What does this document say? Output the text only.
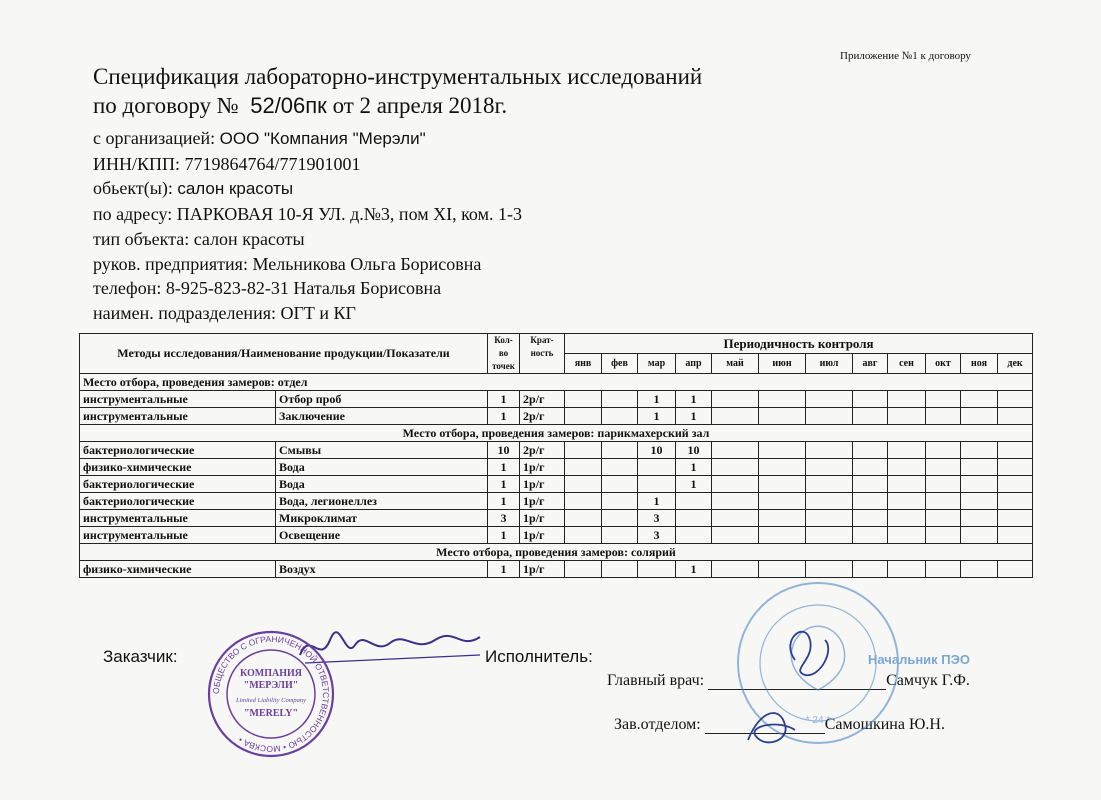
Приложение №1 к договору
Спецификация лабораторно-инструментальных исследований
по договору № 52/06пк от 2 апреля 2018г.
с организацией: ООО "Компания "Мерэли"
ИНН/КПП: 7719864764/771901001
обьект(ы): салон красоты
по адресу: ПАРКОВАЯ 10-Я УЛ. д.№3, пом XI, ком. 1-3
тип объекта: салон красоты
руков. предприятия: Мельникова Ольга Борисовна
телефон: 8-925-823-82-31 Наталья Борисовна
наимен. подразделения: ОГТ и КГ
Методы исследования/Наименование продукции/Показатели		Кол-во точек	Крат-ность	Периодичность контроля											
				янв	фев	мар	апр	май	июн	июл	авг	сен	окт	ноя	дек
Место отбора, проведения замеров: отдел															
инструментальные	Отбор проб	1	2р/г			1	1								
инструментальные	Заключение	1	2р/г			1	1								
Место отбора, проведения замеров: парикмахерский зал															
бактериологические	Смывы	10	2р/г			10	10								
физико-химические	Вода	1	1р/г				1								
бактериологические	Вода	1	1р/г				1								
бактериологические	Вода, легионеллез	1	1р/г			1									
инструментальные	Микроклимат	3	1р/г			3									
инструментальные	Освещение	1	1р/г			3									
Место отбора, проведения замеров: солярий															
физико-химические	Воздух	1	1р/г				1								
Заказчик:	Исполнитель:
Главный врач:	Самчук Г.Ф.
Зав.отделом:	Самошкина Ю.Н.
ОБЩЕСТВО С ОГРАНИЧЕННОЙ ОТВЕТСТВЕННОСТЬЮ • МОСКВА •
КОМПАНИЯ
"МЕРЭЛИ"
Limited Liability Company
"MERELY"
* 24 *
Начальник ПЭО
